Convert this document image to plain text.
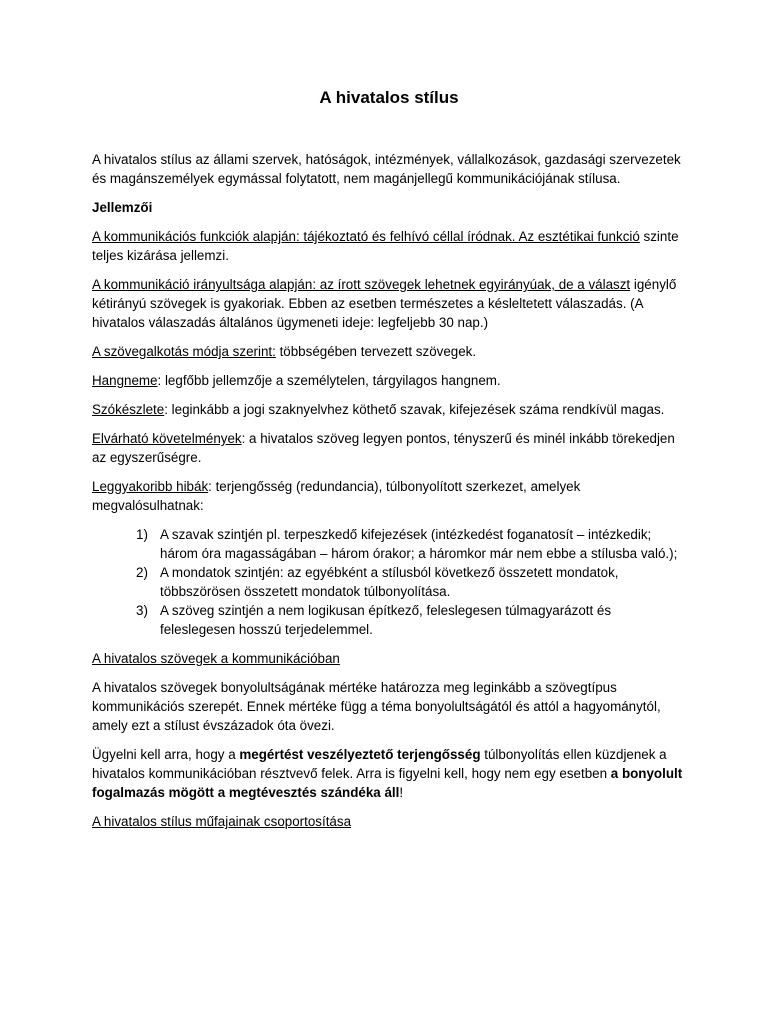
A hivatalos stílus

A hivatalos stílus az állami szervek, hatóságok, intézmények, vállalkozások, gazdasági szervezetek és magánszemélyek egymással folytatott, nem magánjellegű kommunikációjának stílusa.

Jellemzői

A kommunikációs funkciók alapján: tájékoztató és felhívó céllal íródnak. Az esztétikai funkció szinte teljes kizárása jellemzi.

A kommunikáció irányultsága alapján: az írott szövegek lehetnek egyirányúak, de a választ igénylő kétirányú szövegek is gyakoriak. Ebben az esetben természetes a késleltetett válaszadás. (A hivatalos válaszadás általános ügymeneti ideje: legfeljebb 30 nap.)

A szövegalkotás módja szerint: többségében tervezett szövegek.

Hangneme: legfőbb jellemzője a személytelen, tárgyilagos hangnem.

Szókészlete: leginkább a jogi szaknyelvhez köthető szavak, kifejezések száma rendkívül magas.

Elvárható követelmények: a hivatalos szöveg legyen pontos, tényszerű és minél inkább törekedjen az egyszerűségre.

Leggyakoribb hibák: terjengősség (redundancia), túlbonyolított szerkezet, amelyek megvalósulhatnak:

1) A szavak szintjén pl. terpeszkedő kifejezések (intézkedést foganatosít – intézkedik; három óra magasságában – három órakor; a háromkor már nem ebbe a stílusba való.);
2) A mondatok szintjén: az egyébként a stílusból következő összetett mondatok, többszörösen összetett mondatok túlbonyolítása.
3) A szöveg szintjén a nem logikusan építkező, feleslegesen túlmagyarázott és feleslegesen hosszú terjedelemmel.

A hivatalos szövegek a kommunikációban

A hivatalos szövegek bonyolultságának mértéke határozza meg leginkább a szövegtípus kommunikációs szerepét. Ennek mértéke függ a téma bonyolultságától és attól a hagyománytól, amely ezt a stílust évszázadok óta övezi.

Ügyelni kell arra, hogy a megértést veszélyeztető terjengősség túlbonyolítás ellen küzdjenek a hivatalos kommunikációban résztvevő felek. Arra is figyelni kell, hogy nem egy esetben a bonyolult fogalmazás mögött a megtévesztés szándéka áll!

A hivatalos stílus műfajainak csoportosítása
